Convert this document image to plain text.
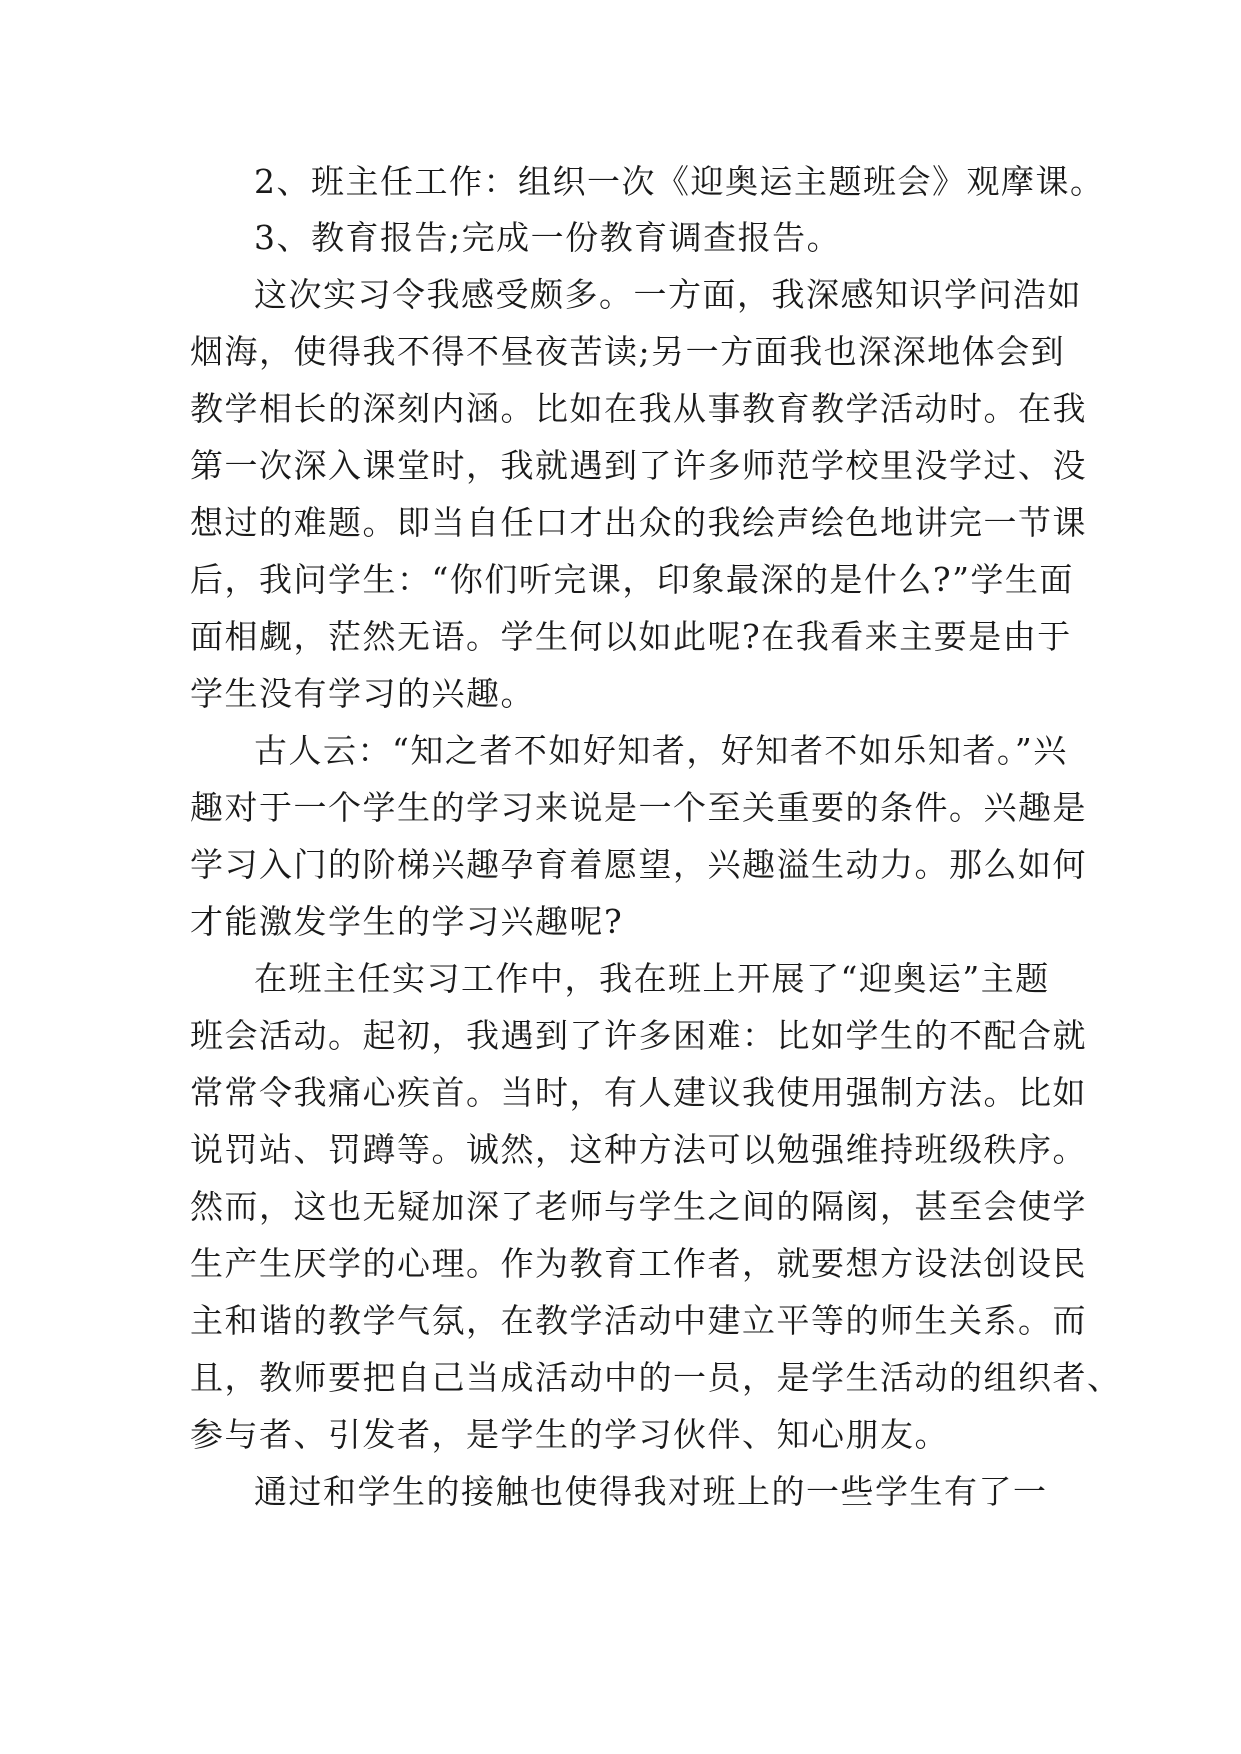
2、班主任工作：组织一次《迎奥运主题班会》观摩课。
3、教育报告;完成一份教育调查报告。
这次实习令我感受颇多。一方面，我深感知识学问浩如
烟海，使得我不得不昼夜苦读;另一方面我也深深地体会到
教学相长的深刻内涵。比如在我从事教育教学活动时。在我
第一次深入课堂时，我就遇到了许多师范学校里没学过、没
想过的难题。即当自任口才出众的我绘声绘色地讲完一节课
后，我问学生：“你们听完课，印象最深的是什么?”学生面
面相觑，茫然无语。学生何以如此呢?在我看来主要是由于
学生没有学习的兴趣。
古人云：“知之者不如好知者，好知者不如乐知者。”兴
趣对于一个学生的学习来说是一个至关重要的条件。兴趣是
学习入门的阶梯兴趣孕育着愿望，兴趣溢生动力。那么如何
才能激发学生的学习兴趣呢?
在班主任实习工作中，我在班上开展了“迎奥运”主题
班会活动。起初，我遇到了许多困难：比如学生的不配合就
常常令我痛心疾首。当时，有人建议我使用强制方法。比如
说罚站、罚蹲等。诚然，这种方法可以勉强维持班级秩序。
然而，这也无疑加深了老师与学生之间的隔阂，甚至会使学
生产生厌学的心理。作为教育工作者，就要想方设法创设民
主和谐的教学气氛，在教学活动中建立平等的师生关系。而
且，教师要把自己当成活动中的一员，是学生活动的组织者、
参与者、引发者，是学生的学习伙伴、知心朋友。
通过和学生的接触也使得我对班上的一些学生有了一
